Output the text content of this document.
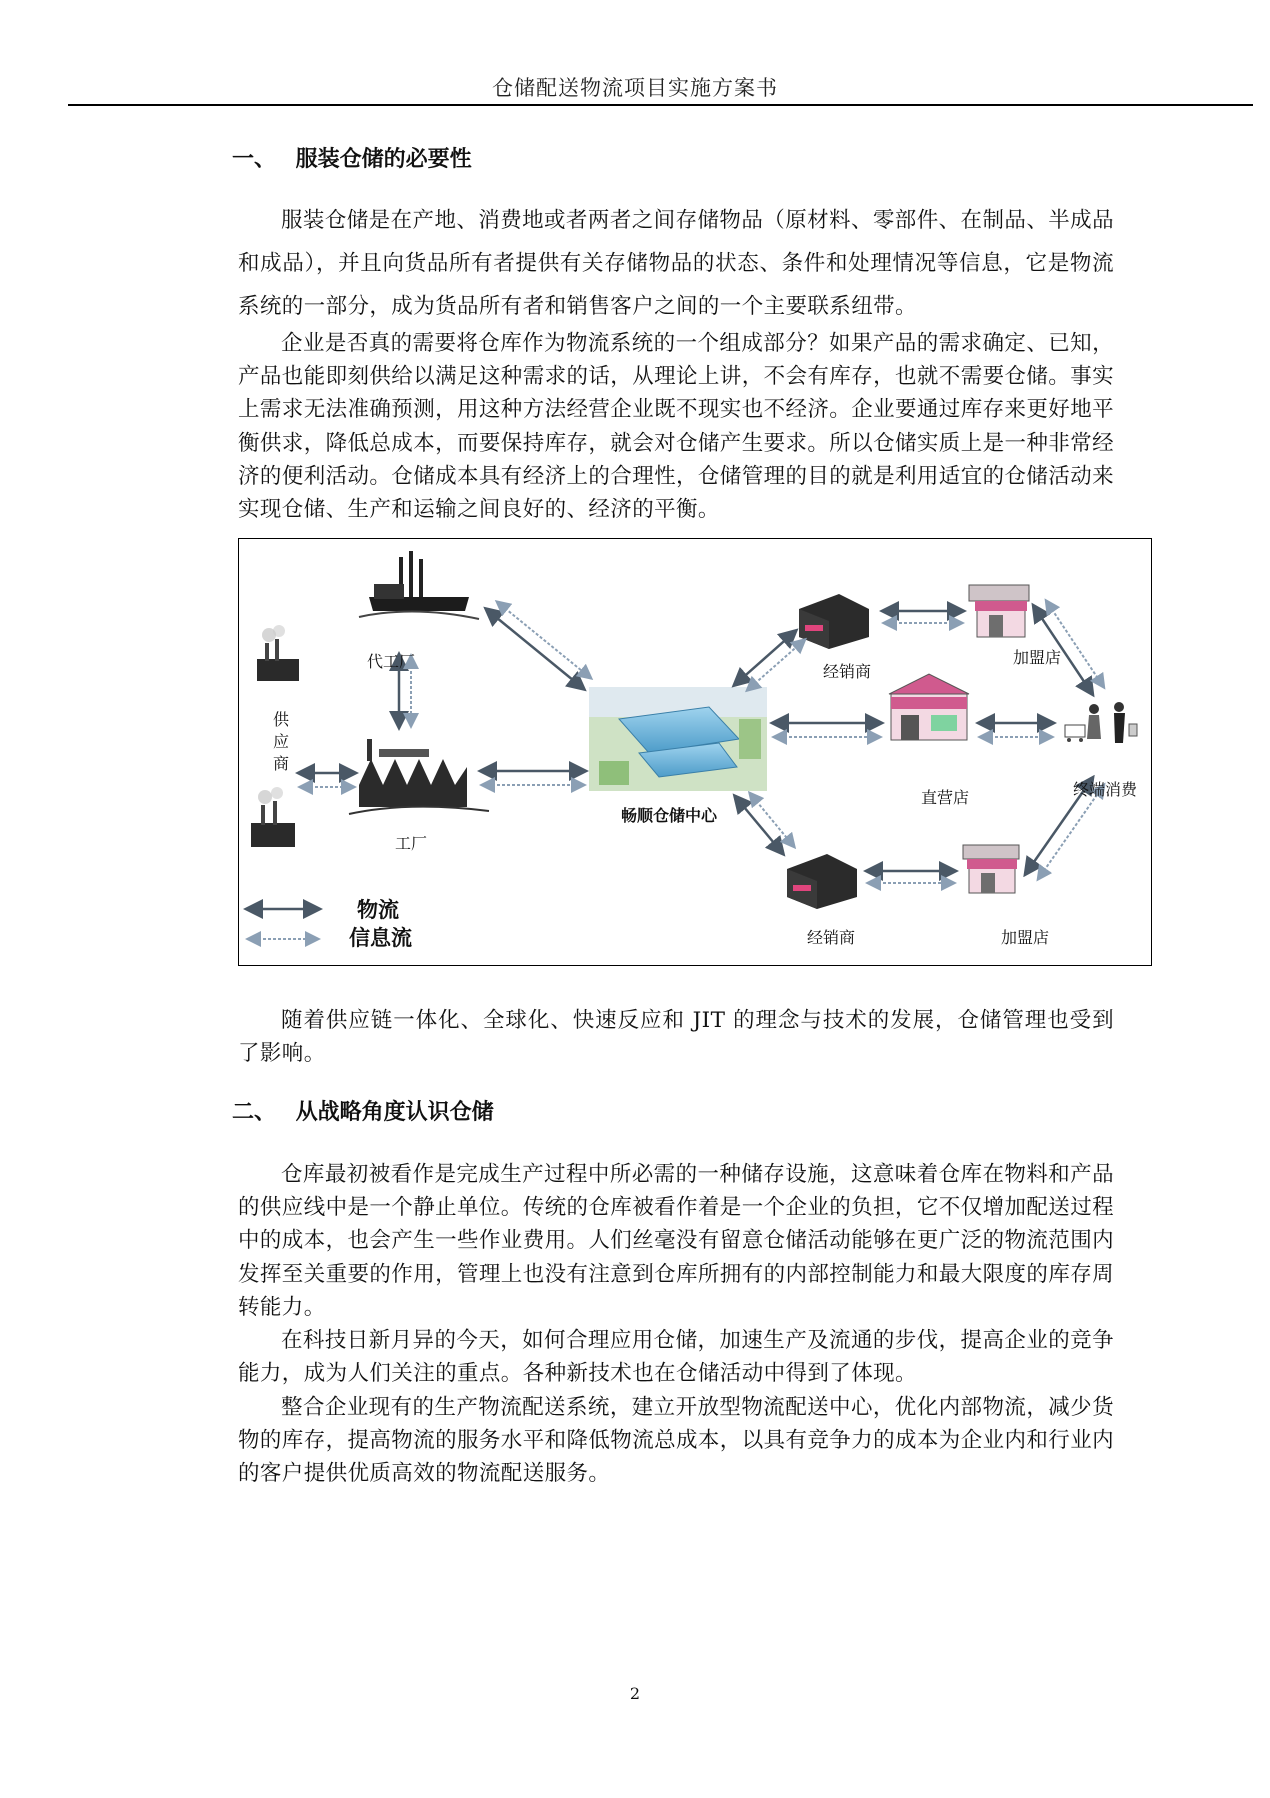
仓储配送物流项目实施方案书
一、 服装仓储的必要性

服装仓储是在产地、消费地或者两者之间存储物品（原材料、零部件、在制品、半成品和成品），并且向货品所有者提供有关存储物品的状态、条件和处理情况等信息，它是物流系统的一部分，成为货品所有者和销售客户之间的一个主要联系纽带。

企业是否真的需要将仓库作为物流系统的一个组成部分？如果产品的需求确定、已知，产品也能即刻供给以满足这种需求的话，从理论上讲，不会有库存，也就不需要仓储。事实上需求无法准确预测，用这种方法经营企业既不现实也不经济。企业要通过库存来更好地平衡供求，降低总成本，而要保持库存，就会对仓储产生要求。所以仓储实质上是一种非常经济的便利活动。仓储成本具有经济上的合理性，仓储管理的目的就是利用适宜的仓储活动来实现仓储、生产和运输之间良好的、经济的平衡。

代工厂
供 应 商
工厂
畅顺仓储中心
经销商
经销商
加盟店
加盟店
直营店	终端消费
物流
信息流

随着供应链一体化、全球化、快速反应和 JIT 的理念与技术的发展，仓储管理也受到了影响。

二、 从战略角度认识仓储

仓库最初被看作是完成生产过程中所必需的一种储存设施，这意味着仓库在物料和产品的供应线中是一个静止单位。传统的仓库被看作着是一个企业的负担，它不仅增加配送过程中的成本，也会产生一些作业费用。人们丝毫没有留意仓储活动能够在更广泛的物流范围内发挥至关重要的作用，管理上也没有注意到仓库所拥有的内部控制能力和最大限度的库存周转能力。

在科技日新月异的今天，如何合理应用仓储，加速生产及流通的步伐，提高企业的竞争能力，成为人们关注的重点。各种新技术也在仓储活动中得到了体现。

整合企业现有的生产物流配送系统，建立开放型物流配送中心，优化内部物流，减少货物的库存，提高物流的服务水平和降低物流总成本，以具有竞争力的成本为企业内和行业内的客户提供优质高效的物流配送服务。

2
